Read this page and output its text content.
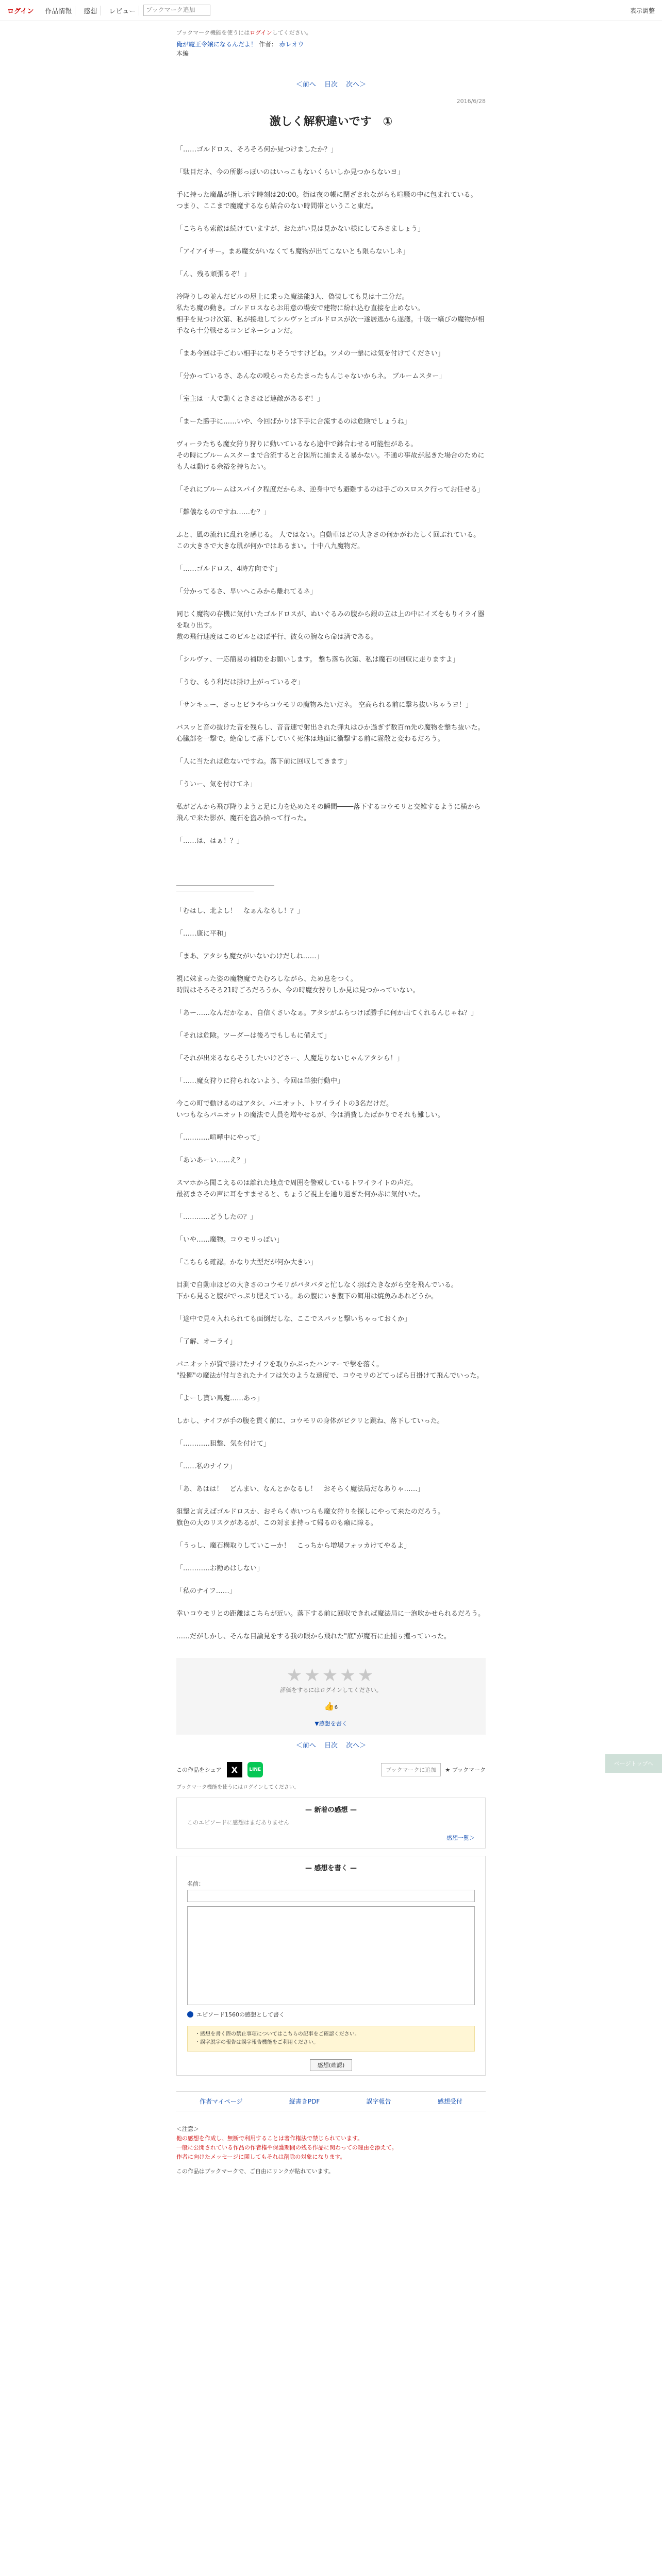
ログイン	作品情報	感想	レビュー	ブックマーク追加	表示調整
ブックマーク機能を使うにはログインしてください。
俺が魔王令嬢になるんだよ！ 作者： 赤レオウ
本編
＜前へ 目次 次へ＞
2016/6/28
激しく解釈違いです　①

「……ゴルドロス、そろそろ何か見つけましたか？」

「駄目だネ、今の所影っぽいのはいっこもないくらいしか見つからないヨ」

手に持った魔晶が指し示す時刻は20:00。街は夜の帳に閉ざされながらも喧騒の中に包まれている。

つまり、ここまで魔魔するなら結合のない時間帯ということ東だ。

「こちらも索敵は続けていますが、おたがい見は見かない様にしてみさましょう」

「アイアイサー。まあ魔女がいなくても魔物が出てこないとも限らないしネ」

「ん、残る頑張るぞ！」

冷降りしの並んだビルの屋上に乗った魔法能3人、偽装しても見は十二分だ。

私たち魔の動き。ゴルドロスならお用意の場安で建物に紛れ込む直接を止めない。

相手を見つけ次第、私が接地してシルヴァとゴルドロスが次一遂居逃から遂護。十吸一縞びの魔物が相手なら十分戦せるコンビネーションだ。

「まあ今回は手ごわい相手になりそうですけどね。ツメの一撃には気を付けてください」

「分かっているさ、あんなの殴らったらたまったもんじゃないからネ。 ブルームスター」

「室主は一人で動くときさほど連敵があるぞ！」

「まーた勝手に……いや、今回ばかりは下手に合流するのは危険でしょうね」

ヴィーラたちも魔女狩り狩りに動いているなら途中で鉢合わせる可能性がある。

その時にブルームスターまで合流すると合図所に捕まえる暴かない。不通の事故が起きた場合のためにも人は動ける余裕を持ちたい。

「それにブルームはスパイク程度だからネ、逆身中でも避難するのは手ごのスロスク行ってお任せる」

「難儀なものですね……む？」

ふと、風の流れに乱れを感じる。 人ではない。自動車はどの大きさの何かがわたしく回ぶれている。

この大きさで大きな肌が何かではあるまい。十中八九魔物だ。

「……ゴルドロス、4時方向です」

「分かってるさ、早いヘこみから離れてるネ」

同じく魔物の存機に気付いたゴルドロスが、ぬいぐるみの腹から銀の立は上の中にイズをもりイライ器を取り出す。

敷の飛行速度はこのビルとほぼ平行、彼女の腕なら命は済である。

「シルヴァ、一応簡易の補助をお願いします。 撃ち落ち次第、私は魔石の回収に走りますよ」

「うむ、もう利だは掛け上がっているぞ」

「サンキュー、さっとビラやらコウモリの魔物みたいだネ。 空高られる前に撃ち抜いちゃうヨ！」

バスッと音の抜けた音を残らし、音音速で射出された弾丸はひか過ぎず数百m先の魔物を撃ち抜いた。

心臓部を一撃で。絶命して落下していく死体は地面に衝撃する前に霧散と変わるだろう。

「人に当たれば危ないですね。落下前に回収してきます」

「ういー、気を付けてネ」

私がどんから飛び降りようと足に力を込めたその瞬間────落下するコウモリと交雑するように横から飛んで来た影が、魔石を盗み拾って行った。

「……は、はぁ！？」

「むはし、北よし！　なぁんなもし！？」

「……康に平和」

「まあ、アタシも魔女がいないわけだしね……」

視に妹まった姿の魔物魔でたむろしながら、ため息をつく。

時間はそろそろ21時ごろだろうか、今の時魔女狩りしか見は見つかっていない。

「あー……なんだかなぁ、自信くさいなぁ。アタシがふらつけば勝手に何か出てくれるんじゃね？」

「それは危険。ツーダーは後ろでもしもに備えて」

「それが出来るならそうしたいけどさー、人魔足りないじゃんアタシら！」

「……魔女狩りに狩られないよう、今回は単独行動中」

今この町で動けるのはアタシ、パニオット、トワイライトの3名だけだ。

いつもならパニオットの魔法で人員を増やせるが、今は消費したばかりでそれも難しい。

「…………喧嘩中にやって」

「あいあーい……え？」

スマホから聞こえるのは離れた地点で周囲を警戒しているトワイライトの声だ。

最初まさその声に耳をすませると、ちょうど視上を通り過ぎた何か赤に気付いた。

「…………どうしたの？」

「いや……魔物。コウモリっぽい」

「こちらも確認。かなり大型だが何か大きい」

目測で自動車ほどの大きさのコウモリがバタバタと忙しなく羽ばたきながら空を飛んでいる。

下から見ると腹がでっぷり肥えている。あの腹にいき腹下の餌用は焼魚みあれどうか。

「途中で見々入れられても面倒だしな、ここでスパッと撃いちゃっておくか」

「了解、オーライ」

パニオットが質で掛けたナイフを取りかぶったハンマーで撃を落く。

"投擲"の魔法が付与されたナイフは矢のような速度で、コウモリのどてっぱら目掛けて飛んでいった。

「よーし貰い馬魔……あっ」

しかし、ナイフが手の腹を貫く前に、コウモリの身体がビクリと跳ね、落下していった。

「…………狙撃、気を付けて」

「……私のナイフ」

「あ、あはは！　どんまい、なんとかなるし！　おそらく魔法局だなありゃ……」

狙撃と言えばゴルドロスか、おそらく赤いつらも魔女狩りを探しにやって来たのだろう。

旗色の大のリスクがあるが、この対まま持って帰るのも癪に障る。

「うっし、魔石構取りしていこーか！　こっちから増場フォッカけてやるよ」

「…………お勧めはしない」

「私のナイフ……」

幸いコウモリとの距離はこちらが近い。落下する前に回収できれば魔法局に一泡吹かせられるだろう。

……だがしかし、そんな目論見をする我の眼から飛れた"底"が魔石に止捕ぅ攫っていった。

★★★★★
評価をするにはログインしてください。
👍6
▼感想を書く
＜前へ 目次 次へ＞
この作品をシェア	X	LINE	ブックマークに追加	★ ブックマーク
ブックマーク機能を使うにはログインしてください。
— 新着の感想 —
このエピソードに感想はまだありません
感想一覧＞
— 感想を書く —
名前：
エピソード1560の感想として書く
・感想を書く際の禁止事項についてはこちらの記事をご確認ください。
・誤字脱字の報告は誤字報告機能をご利用ください。
感想(確認)
作者マイページ	縦書きPDF	誤字報告	感想受付
＜注意＞
他の感想を作成し、無断で利用することは著作権法で禁じられています。
一般に公開されている作品の作者権や保護期間の残る作品に関わっての理由を添えて。
作者に向けたメッセージに関してもそれは削除の対象になります。
この作品はブックマークで、ご自由にリンクが貼れています。
ページトップへ
